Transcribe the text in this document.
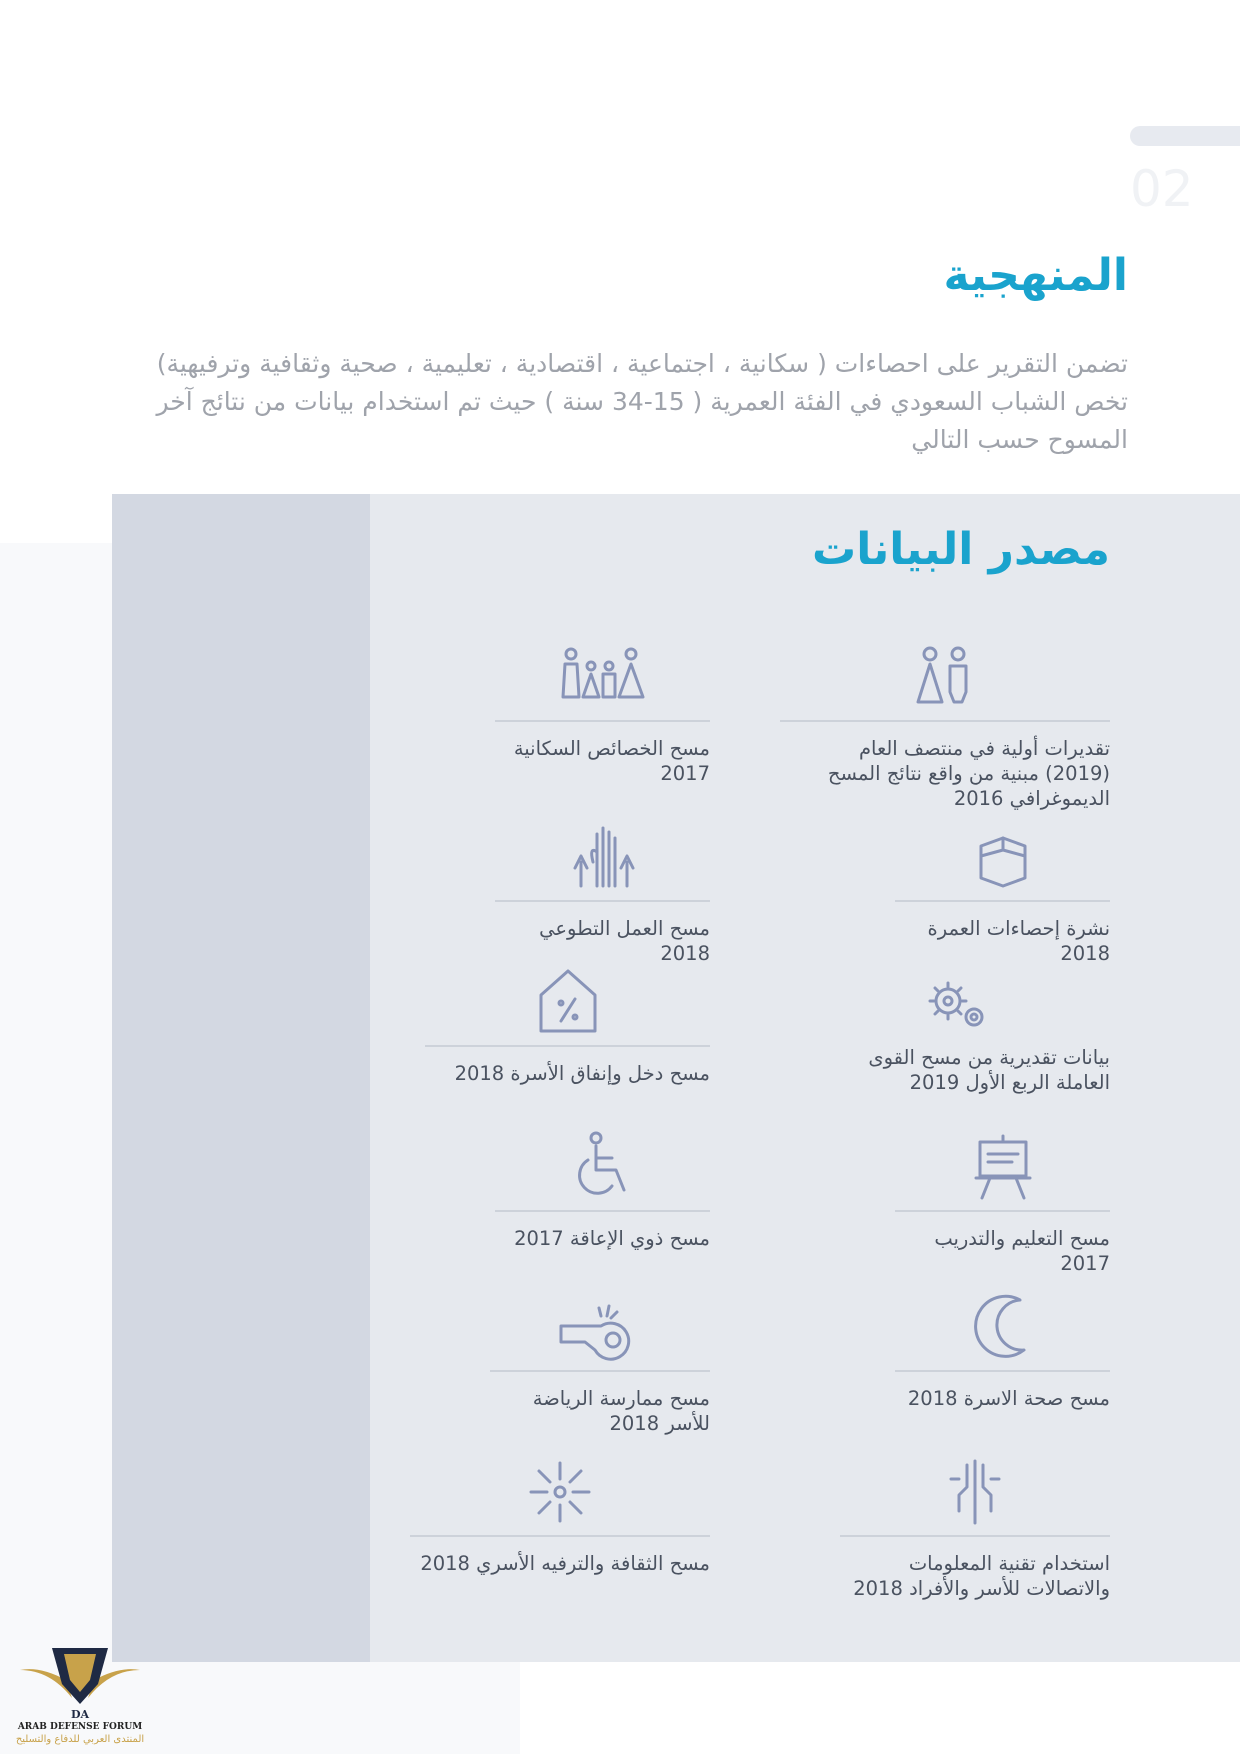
02
المنهجية
تضمن التقرير على احصاءات ( سكانية ، اجتماعية ، اقتصادية ، تعليمية ، صحية وثقافية وترفيهية) تخص الشباب السعودي في الفئة العمرية ( 15-34 سنة ) حيث تم استخدام بيانات من نتائج آخر المسوح حسب التالي
مصدر البيانات
تقديرات أولية في منتصف العام
(2019) مبنية من واقع نتائج المسح
الديموغرافي 2016
مسح الخصائص السكانية 2017
نشرة إحصاءات العمرة 2018
مسح العمل التطوعي 2018
بيانات تقديرية من مسح القوى
العاملة الربع الأول 2019
مسح دخل وإنفاق الأسرة 2018
مسح التعليم والتدريب 2017
مسح ذوي الإعاقة 2017
مسح صحة الاسرة 2018
مسح ممارسة الرياضة للأسر 2018
استخدام تقنية المعلومات
والاتصالات للأسر والأفراد 2018
مسح الثقافة والترفيه الأسري 2018
DA
ARAB DEFENSE FORUM
المنتدى العربي للدفاع والتسليح
